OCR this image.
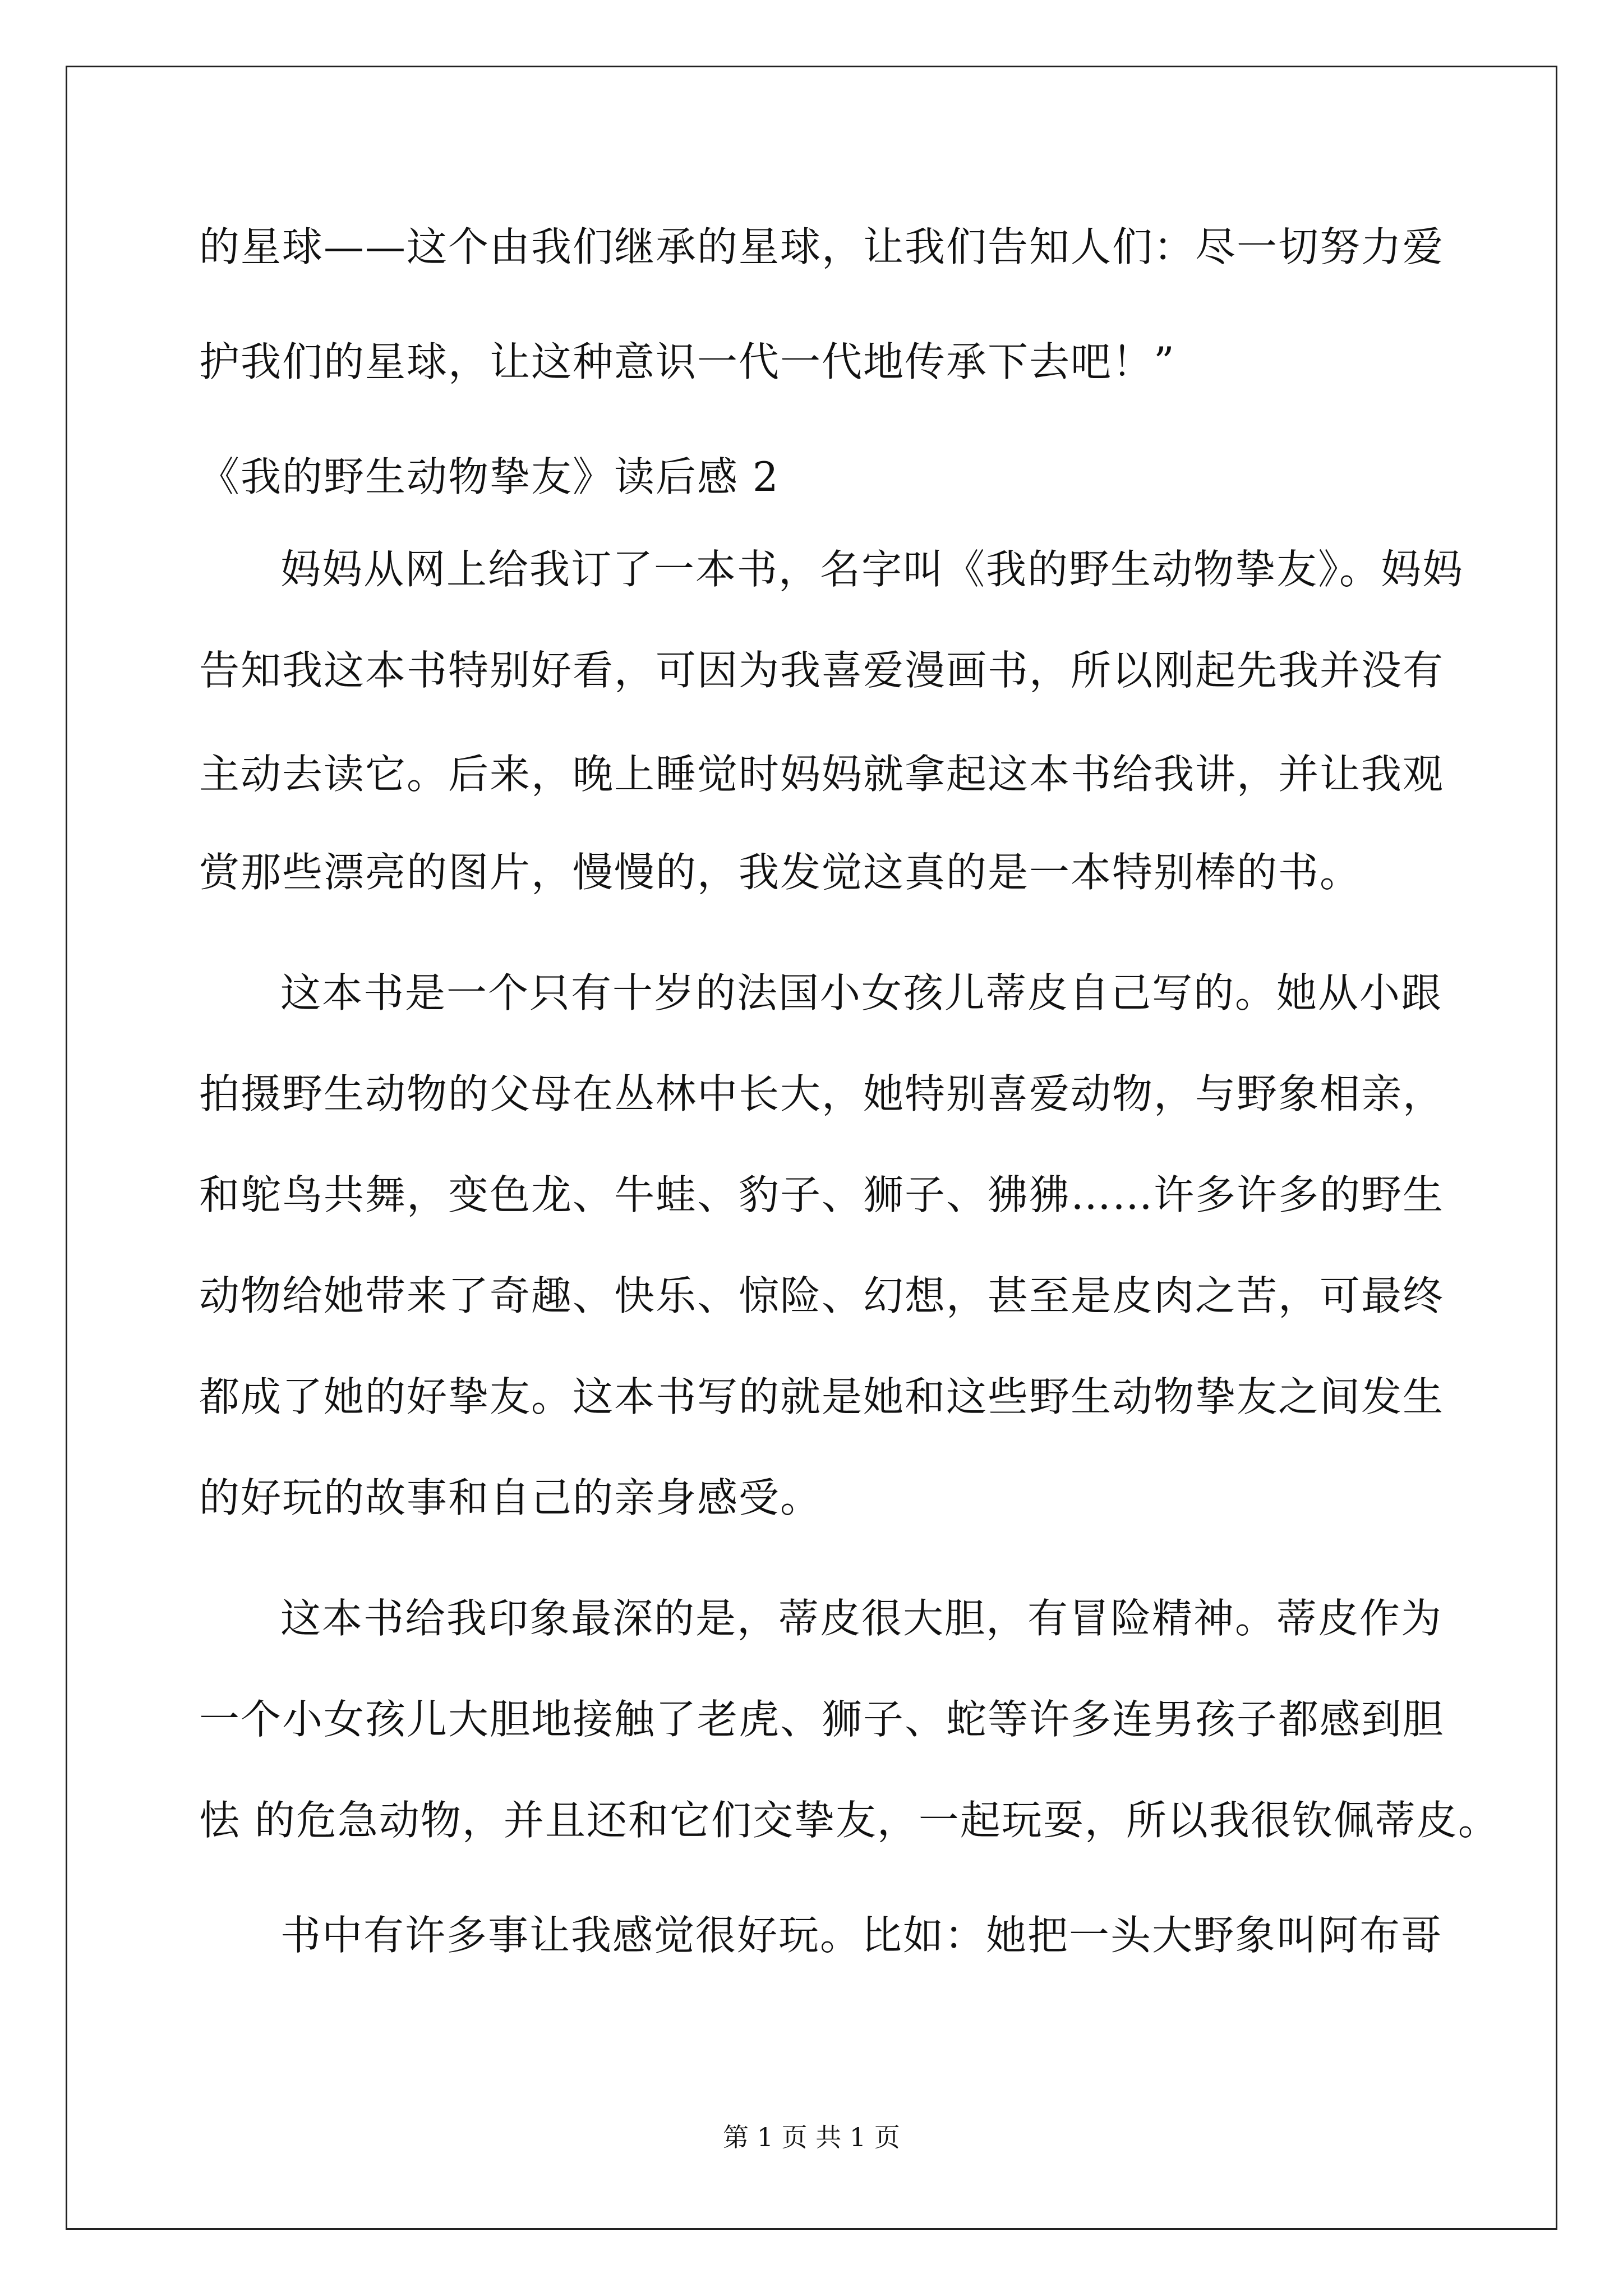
的星球——这个由我们继承的星球，让我们告知人们：尽一切努力爱
护我们的星球，让这种意识一代一代地传承下去吧！”
《我的野生动物挚友》读后感 2
妈妈从网上给我订了一本书，名字叫《我的野生动物挚友》。妈妈
告知我这本书特别好看，可因为我喜爱漫画书，所以刚起先我并没有
主动去读它。后来，晚上睡觉时妈妈就拿起这本书给我讲，并让我观
赏那些漂亮的图片，慢慢的，我发觉这真的是一本特别棒的书。
这本书是一个只有十岁的法国小女孩儿蒂皮自己写的。她从小跟
拍摄野生动物的父母在丛林中长大，她特别喜爱动物，与野象相亲，
和鸵鸟共舞，变色龙、牛蛙、豹子、狮子、狒狒……许多许多的野生
动物给她带来了奇趣、快乐、惊险、幻想，甚至是皮肉之苦，可最终
都成了她的好挚友。这本书写的就是她和这些野生动物挚友之间发生
的好玩的故事和自己的亲身感受。
这本书给我印象最深的是，蒂皮很大胆，有冒险精神。蒂皮作为
一个小女孩儿大胆地接触了老虎、狮子、蛇等许多连男孩子都感到胆
怯 的危急动物，并且还和它们交挚友，一起玩耍，所以我很钦佩蒂皮。
书中有许多事让我感觉很好玩。比如：她把一头大野象叫阿布哥
第 1 页 共 1 页
